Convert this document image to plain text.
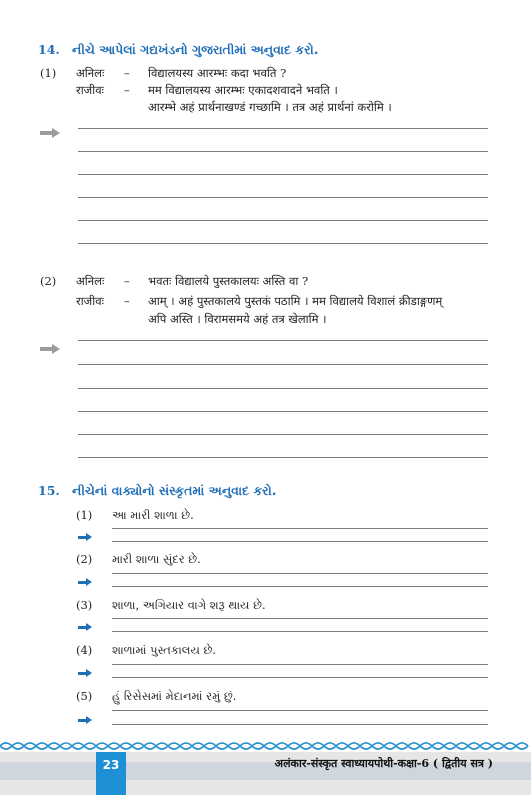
14. નીચે આપેલાં ગદ્યખંડનો ગુજરાતીમાં અનુવાદ કરો.
(1) अनिलः – विद्यालयस्य आरम्भः कदा भवति ?
राजीवः – मम विद्यालयस्य आरम्भः एकादशवादने भवति ।
आरम्भे अहं प्रार्थनाखण्डं गच्छामि । तत्र अहं प्रार्थनां करोमि ।
(2) अनिलः – भवतः विद्यालये पुस्तकालयः अस्ति वा ?
राजीवः – आम् । अहं पुस्तकालये पुस्तकं पठामि । मम विद्यालये विशालं क्रीडाङ्गणम्
अपि अस्ति । विरामसमये अहं तत्र खेलामि ।
15. નીચેનાં વાક્યોનો સંસ્કૃતમાં અનુવાદ કરો.
(1) આ મારી શાળા છે.
(2) મારી શાળા સુંદર છે.
(3) શાળા, અગિયાર વાગે શરૂ થાય છે.
(4) શાળામાં પુસ્તકાલય છે.
(5) હું રિસેસમાં મેદાનમાં રમું છું.
23	अलंकार-संस्कृत स्वाध्यायपोथी-कक्षा-6 ( द्वितीय सत्र )
